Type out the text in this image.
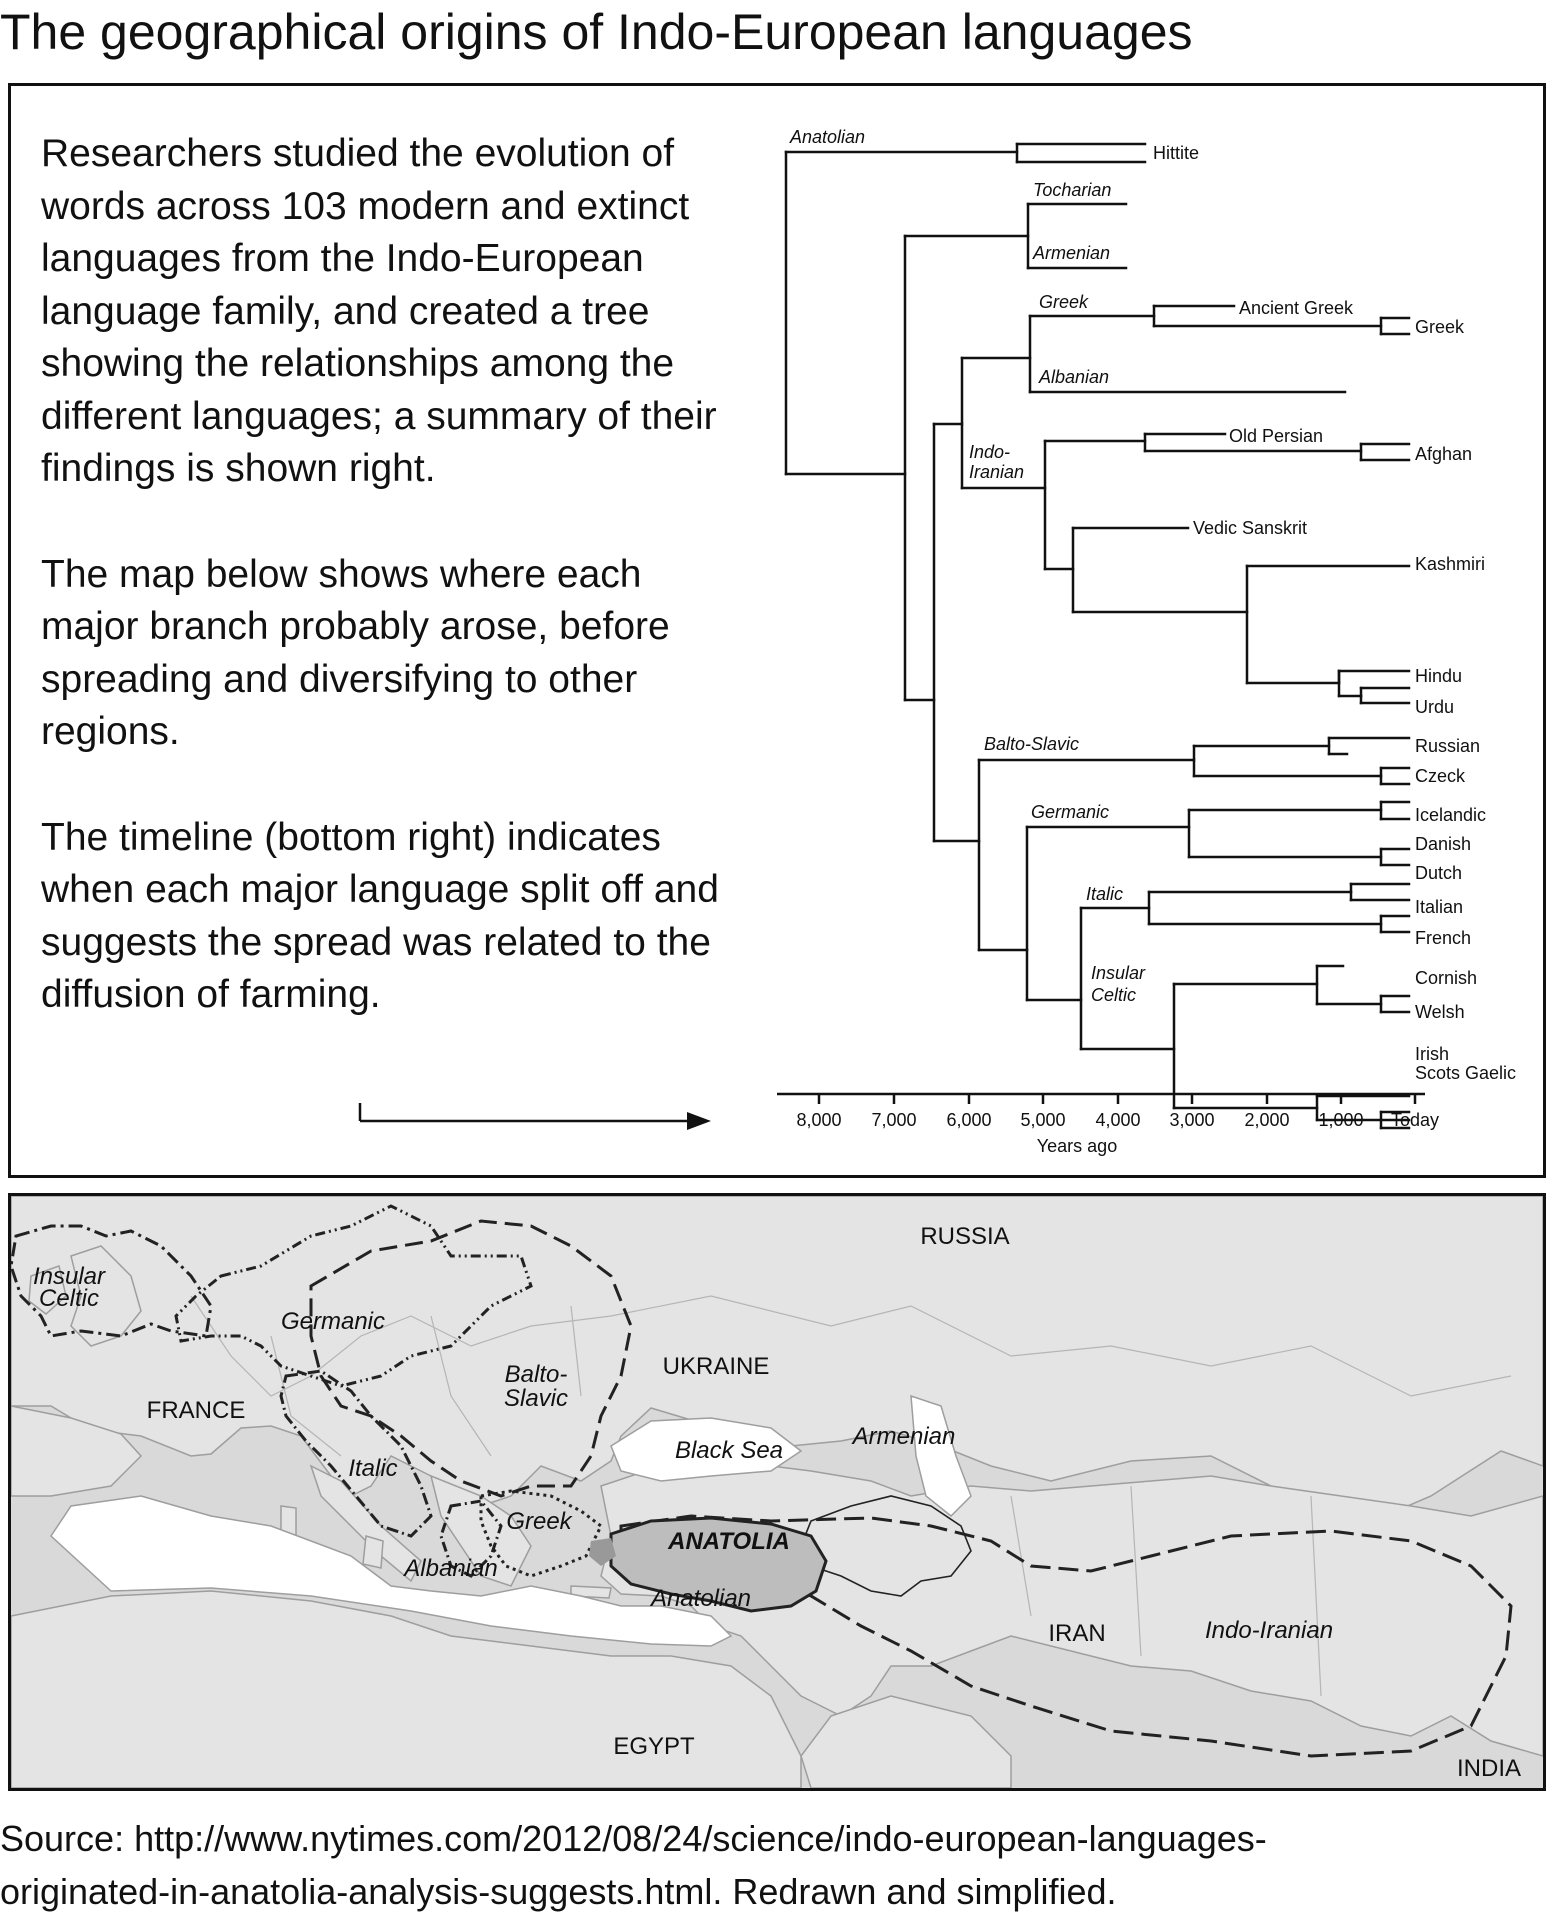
The geographical origins of Indo-European languages

Researchers studied the evolution of words across 103 modern and extinct languages from the Indo-European language family, and created a tree showing the relationships among the different languages; a summary of their findings is shown right.

The map below shows where each major branch probably arose, before spreading and diversifying to other regions.

The timeline (bottom right) indicates when each major language split off and suggests the spread was related to the diffusion of farming.

8,000 7,000 6,000 5,000 4,000 3,000 2,000 1,000 Today
Years ago
Anatolian
Tocharian
Armenian
Greek
Albanian
Indo-
Iranian
Balto-Slavic
Germanic
Italic
Insular
Celtic
Hittite
Ancient Greek
Greek
Old Persian
Afghan
Vedic Sanskrit
Kashmiri
Hindu
Urdu
Russian
Czeck
Icelandic
Danish
Dutch
Italian
French
Cornish
Welsh
Irish
Scots Gaelic
RUSSIA
UKRAINE
FRANCE
IRAN
EGYPT
INDIA
Black Sea
ANATOLIA
Insular
Celtic
Germanic
Balto-
Slavic
Italic
Greek
Albanian
Armenian
Anatolian
Indo-Iranian
Source: http://www.nytimes.com/2012/08/24/science/indo-european-languages-
originated-in-anatolia-analysis-suggests.html. Redrawn and simplified.
